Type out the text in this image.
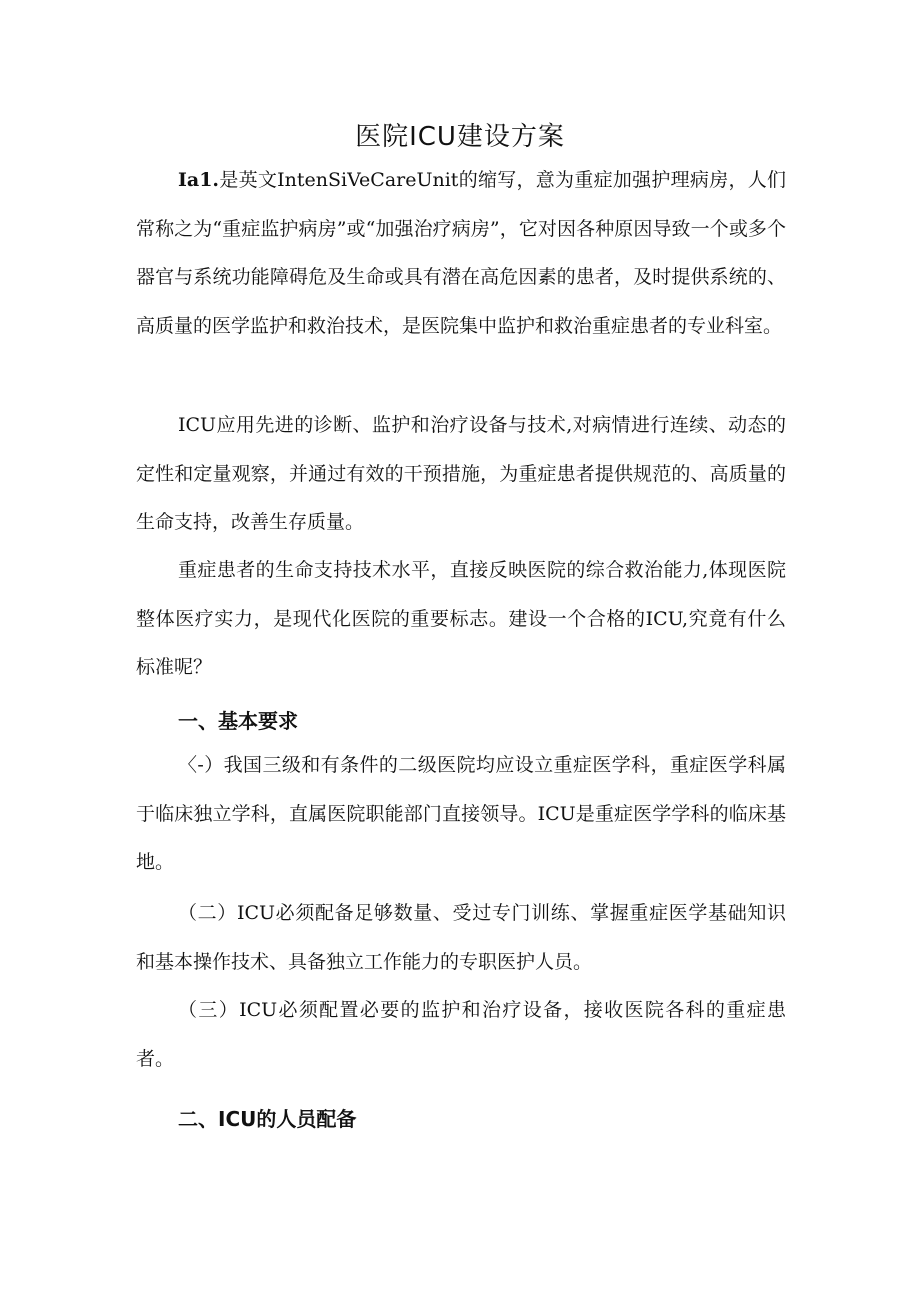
医院ICU建设方案

Ia1.是英文IntenSiVeCareUnit的缩写，意为重症加强护理病房，人们常称之为“重症监护病房”或“加强治疗病房”，它对因各种原因导致一个或多个器官与系统功能障碍危及生命或具有潜在高危因素的患者，及时提供系统的、高质量的医学监护和救治技术，是医院集中监护和救治重症患者的专业科室。

ICU应用先进的诊断、监护和治疗设备与技术,对病情进行连续、动态的定性和定量观察，并通过有效的干预措施，为重症患者提供规范的、高质量的生命支持，改善生存质量。

重症患者的生命支持技术水平，直接反映医院的综合救治能力,体现医院整体医疗实力，是现代化医院的重要标志。建设一个合格的ICU,究竟有什么标准呢？

一、基本要求

〈-）我国三级和有条件的二级医院均应设立重症医学科，重症医学科属于临床独立学科，直属医院职能部门直接领导。ICU是重症医学学科的临床基地。

（二）ICU必须配备足够数量、受过专门训练、掌握重症医学基础知识和基本操作技术、具备独立工作能力的专职医护人员。

（三）ICU必须配置必要的监护和治疗设备，接收医院各科的重症患者。

二、ICU的人员配备
